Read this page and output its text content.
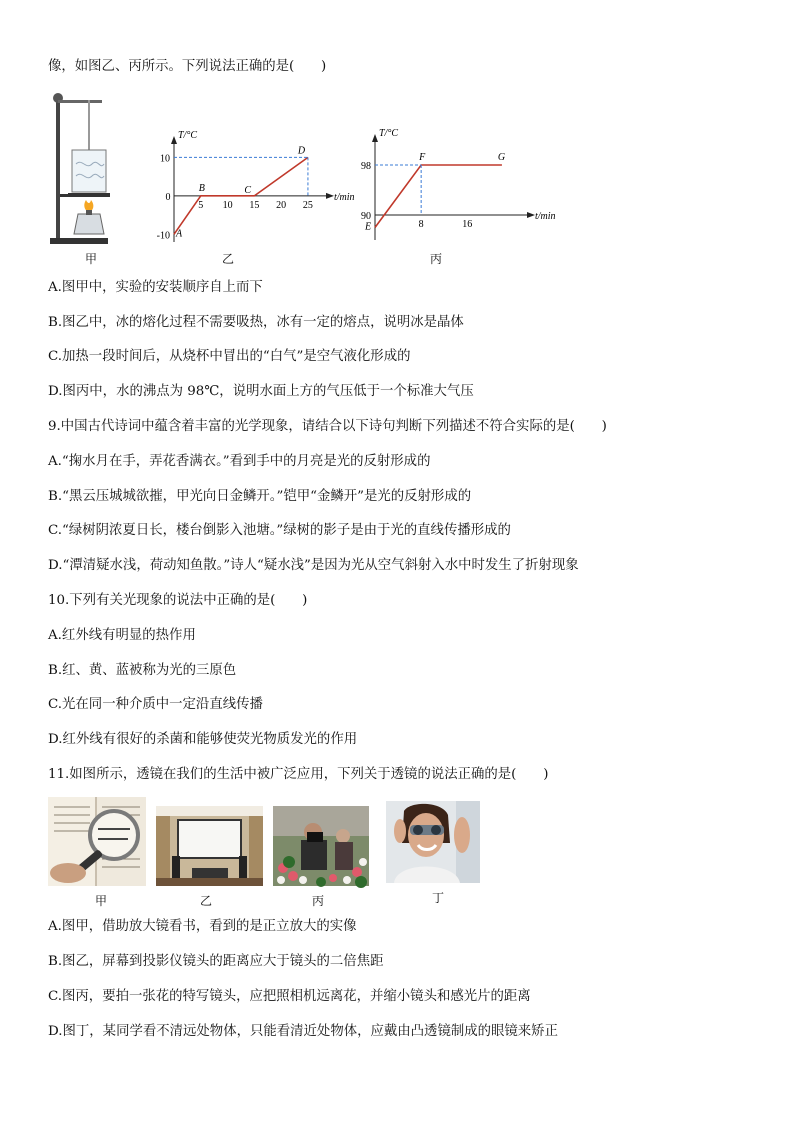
像，如图乙、丙所示。下列说法正确的是(　　)
甲
T/°C
t/min
5 10 15 20 25
0
-10
10
A
B	C
D
乙
T/°C
t/min
8	16
90
98
E
F	G
丙
A.图甲中，实验的安装顺序自上而下
B.图乙中，冰的熔化过程不需要吸热，冰有一定的熔点，说明冰是晶体
C.加热一段时间后，从烧杯中冒出的“白气”是空气液化形成的
D.图丙中，水的沸点为 98℃，说明水面上方的气压低于一个标准大气压
9.中国古代诗词中蕴含着丰富的光学现象，请结合以下诗句判断下列描述不符合实际的是(　　)
A.“掬水月在手，弄花香满衣。”看到手中的月亮是光的反射形成的
B.“黑云压城城欲摧，甲光向日金鳞开。”铠甲“金鳞开”是光的反射形成的
C.“绿树阴浓夏日长，楼台倒影入池塘。”绿树的影子是由于光的直线传播形成的
D.“潭清疑水浅，荷动知鱼散。”诗人“疑水浅”是因为光从空气斜射入水中时发生了折射现象
10.下列有关光现象的说法中正确的是(　　)
A.红外线有明显的热作用
B.红、黄、蓝被称为光的三原色
C.光在同一种介质中一定沿直线传播
D.红外线有很好的杀菌和能够使荧光物质发光的作用
11.如图所示，透镜在我们的生活中被广泛应用，下列关于透镜的说法正确的是(　　)
甲	乙	丙	丁
A.图甲，借助放大镜看书，看到的是正立放大的实像
B.图乙，屏幕到投影仪镜头的距离应大于镜头的二倍焦距
C.图丙，要拍一张花的特写镜头，应把照相机远离花，并缩小镜头和感光片的距离
D.图丁，某同学看不清远处物体，只能看清近处物体，应戴由凸透镜制成的眼镜来矫正
